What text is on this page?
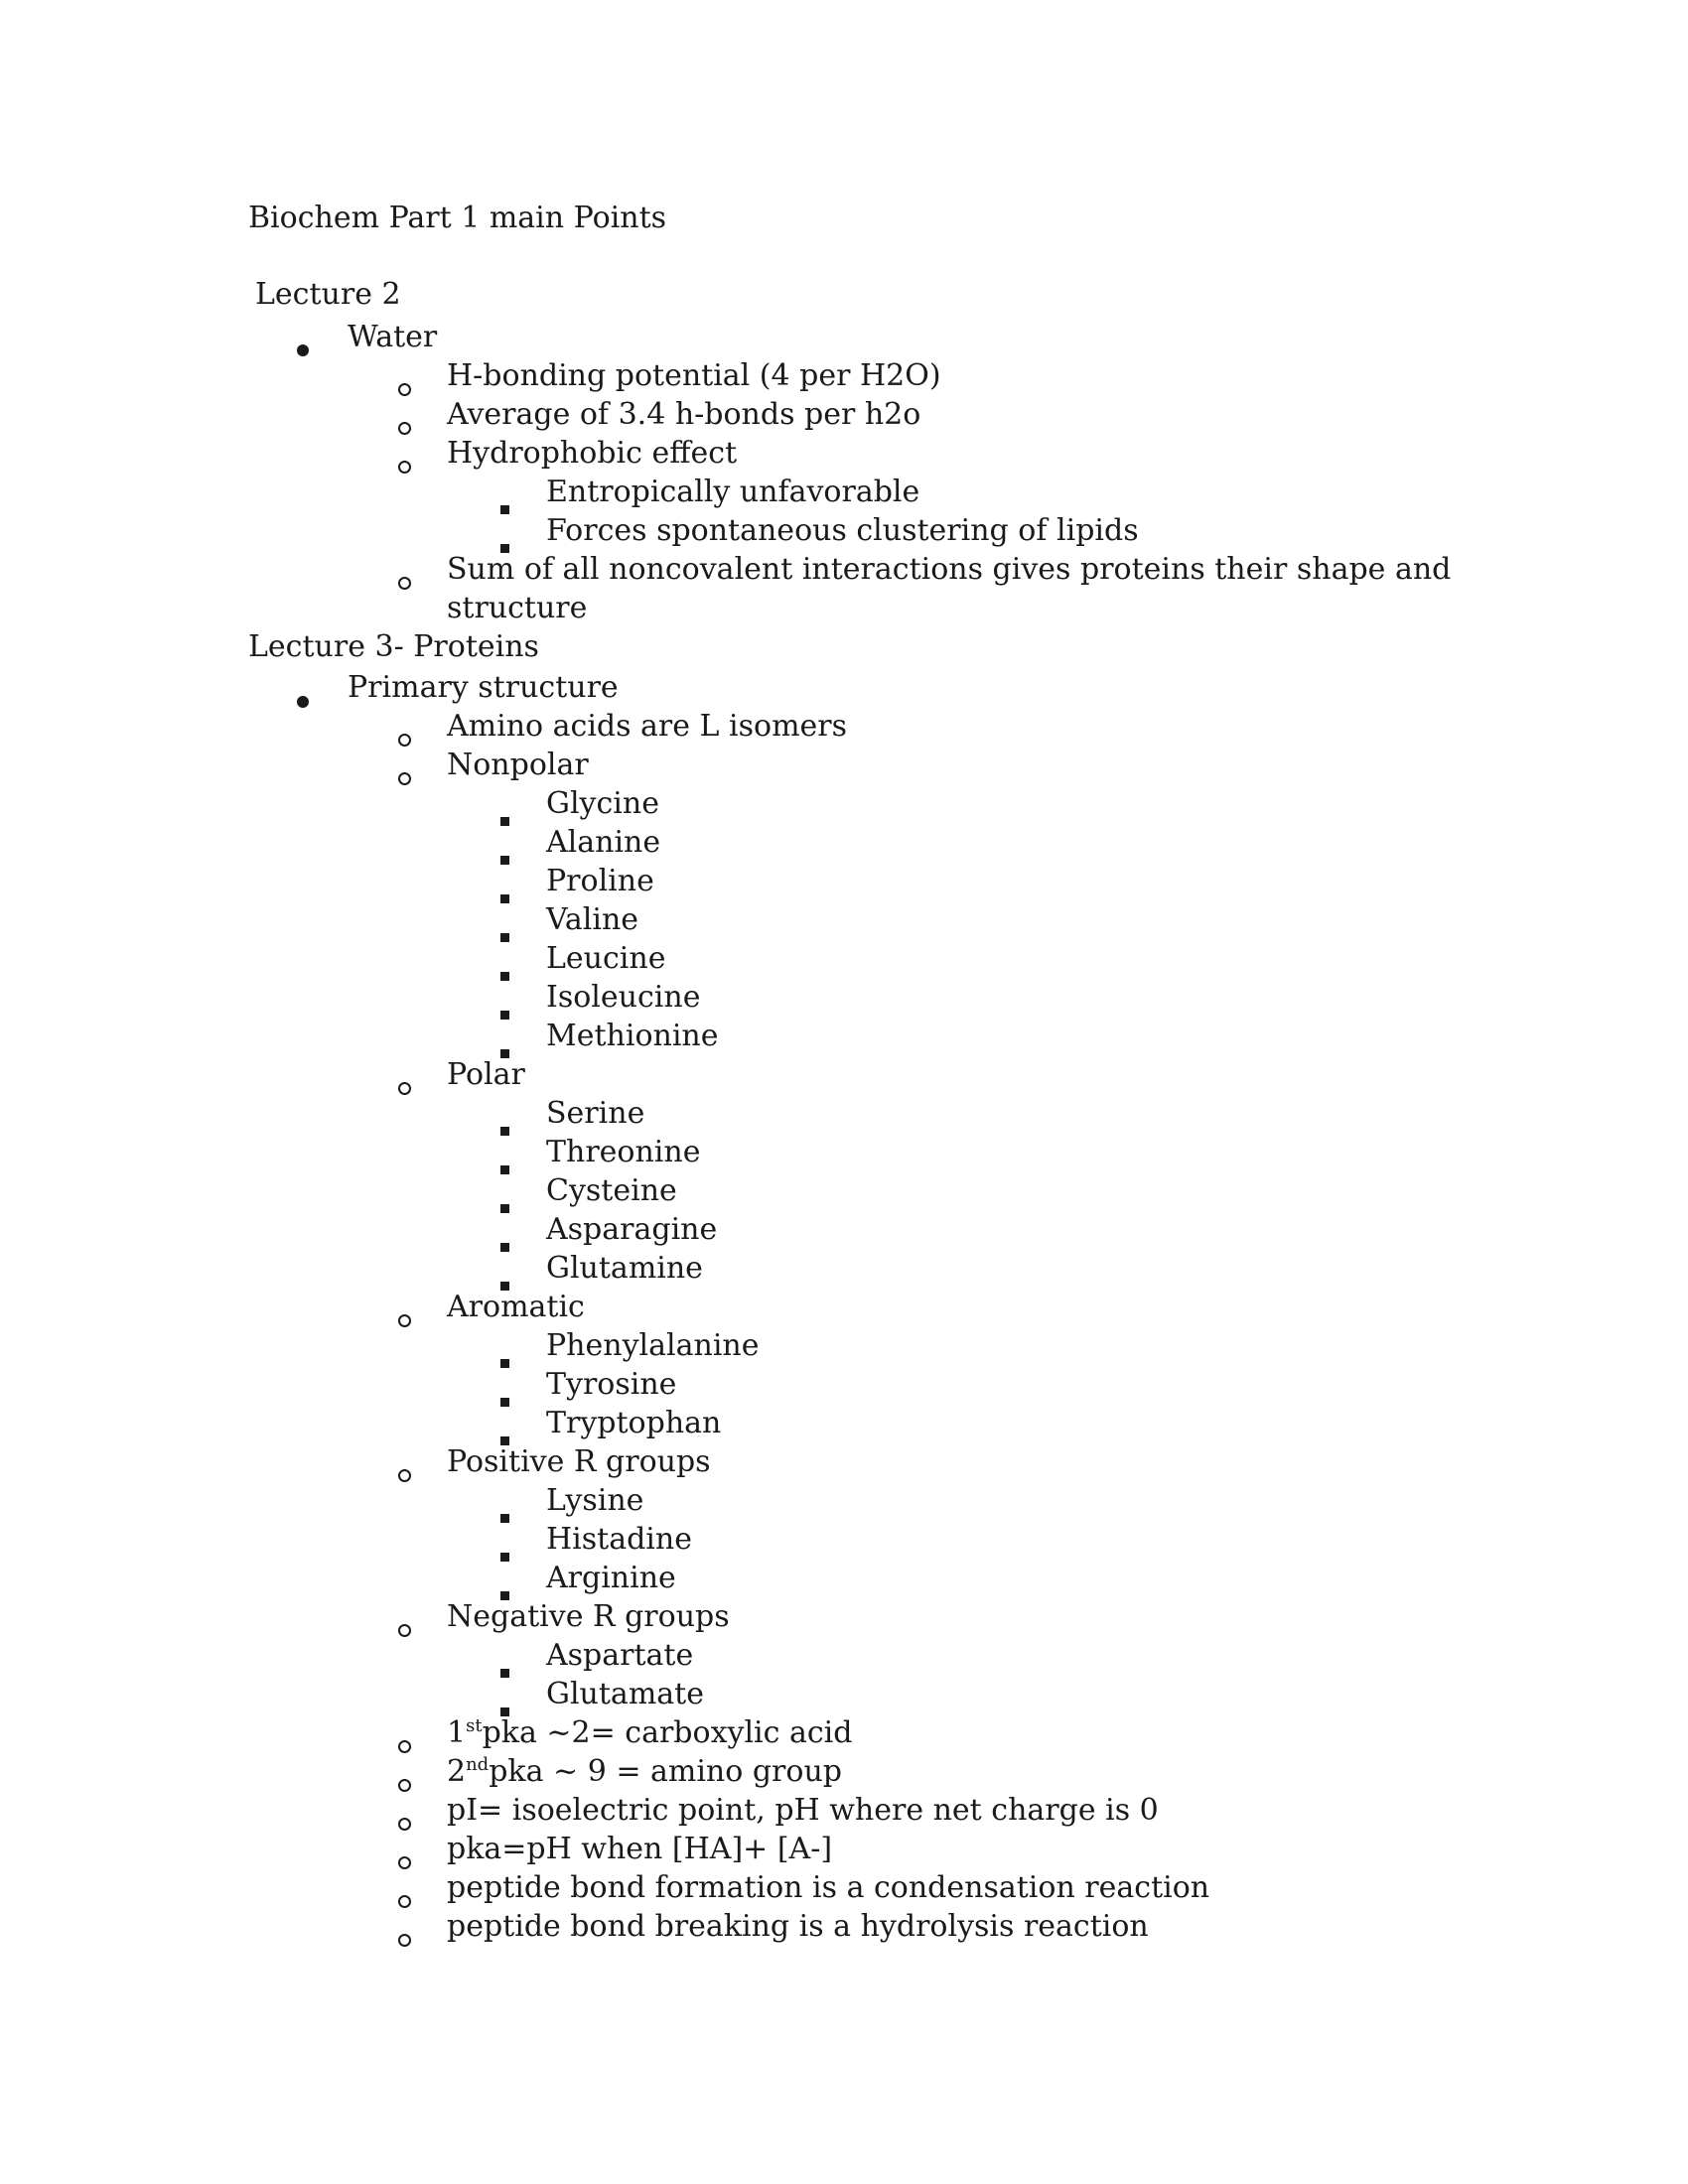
Biochem Part 1 main Points
Lecture 2
Water
H-bonding potential (4 per H2O)
Average of 3.4 h-bonds per h2o
Hydrophobic effect
Entropically unfavorable
Forces spontaneous clustering of lipids
Sum of all noncovalent interactions gives proteins their shape and
structure
Lecture 3- Proteins
Primary structure
Amino acids are L isomers
Nonpolar
Glycine
Alanine
Proline
Valine
Leucine
Isoleucine
Methionine
Polar
Serine
Threonine
Cysteine
Asparagine
Glutamine
Aromatic
Phenylalanine
Tyrosine
Tryptophan
Positive R groups
Lysine
Histadine
Arginine
Negative R groups
Aspartate
Glutamate
1stpka ~2= carboxylic acid
2ndpka ~ 9 = amino group
pI= isoelectric point, pH where net charge is 0
pka=pH when [HA]+ [A-]
peptide bond formation is a condensation reaction
peptide bond breaking is a hydrolysis reaction
